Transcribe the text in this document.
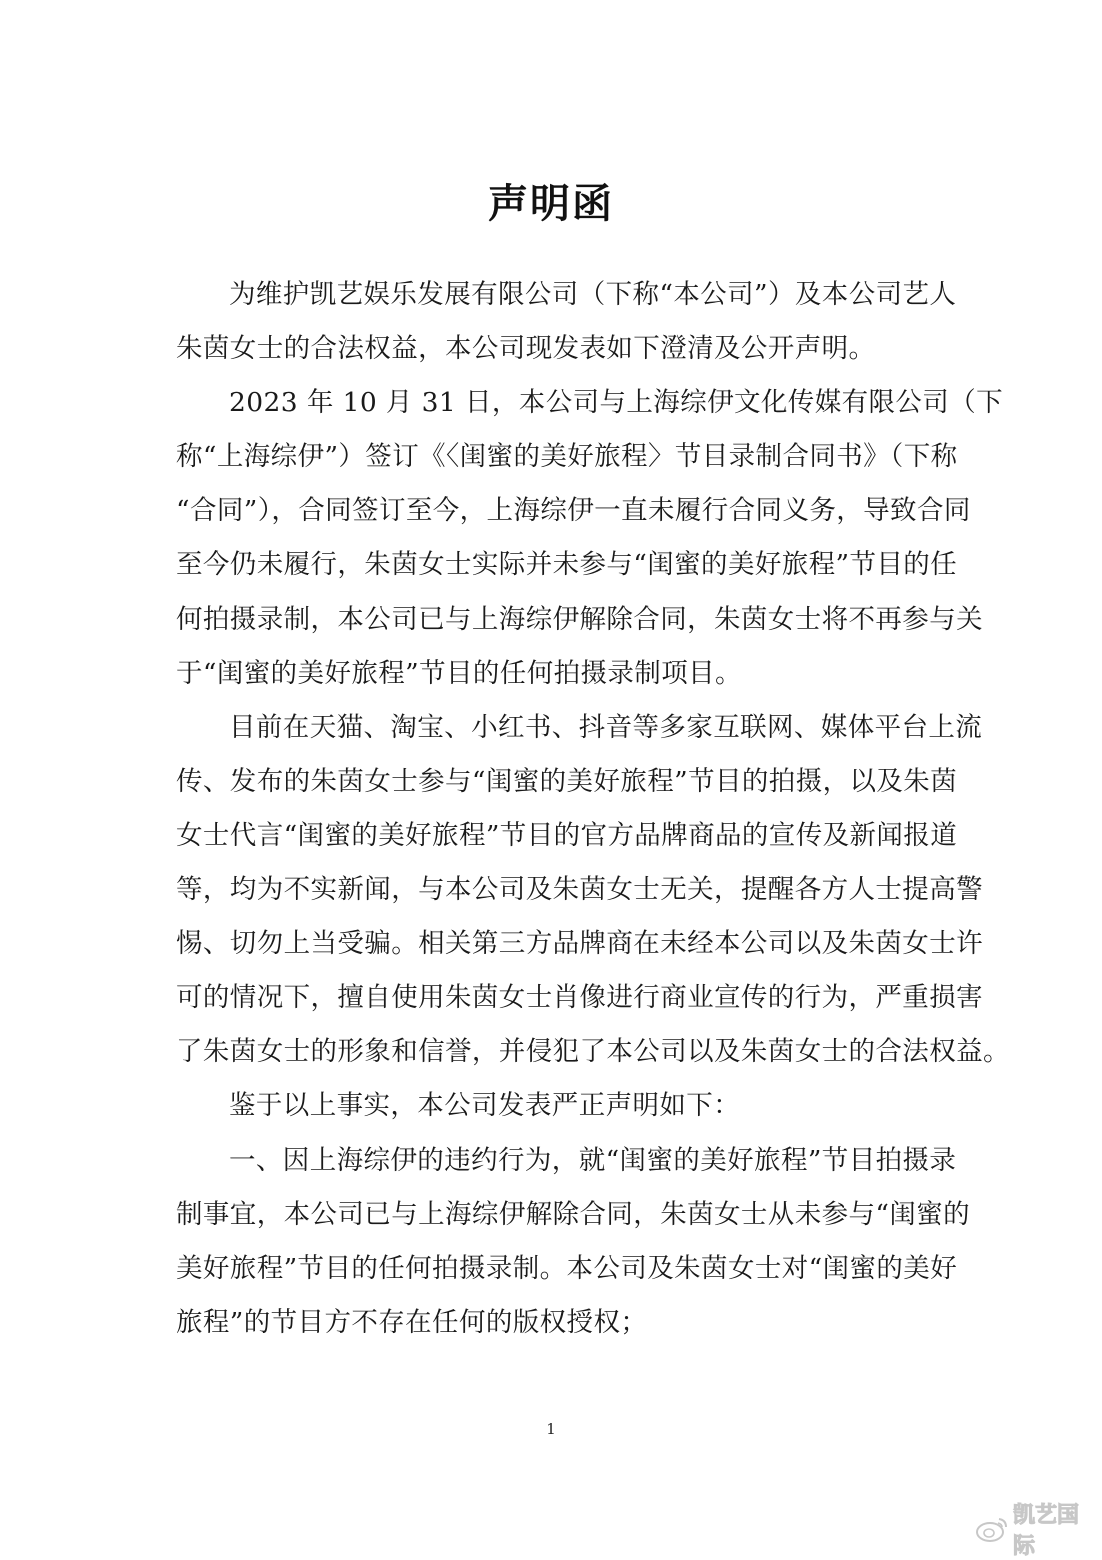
声明函

为维护凯艺娱乐发展有限公司（下称“本公司”）及本公司艺人
朱茵女士的合法权益，本公司现发表如下澄清及公开声明。

2023 年 10 月 31 日，本公司与上海综伊文化传媒有限公司（下
称“上海综伊”）签订《〈闺蜜的美好旅程〉节目录制合同书》（下称
“合同”），合同签订至今，上海综伊一直未履行合同义务，导致合同
至今仍未履行，朱茵女士实际并未参与“闺蜜的美好旅程”节目的任
何拍摄录制，本公司已与上海综伊解除合同，朱茵女士将不再参与关
于“闺蜜的美好旅程”节目的任何拍摄录制项目。

目前在天猫、淘宝、小红书、抖音等多家互联网、媒体平台上流
传、发布的朱茵女士参与“闺蜜的美好旅程”节目的拍摄，以及朱茵
女士代言“闺蜜的美好旅程”节目的官方品牌商品的宣传及新闻报道
等，均为不实新闻，与本公司及朱茵女士无关，提醒各方人士提高警
惕、切勿上当受骗。相关第三方品牌商在未经本公司以及朱茵女士许
可的情况下，擅自使用朱茵女士肖像进行商业宣传的行为，严重损害
了朱茵女士的形象和信誉，并侵犯了本公司以及朱茵女士的合法权益。

鉴于以上事实，本公司发表严正声明如下：

一、因上海综伊的违约行为，就“闺蜜的美好旅程”节目拍摄录
制事宜，本公司已与上海综伊解除合同，朱茵女士从未参与“闺蜜的
美好旅程”节目的任何拍摄录制。本公司及朱茵女士对“闺蜜的美好
旅程”的节目方不存在任何的版权授权；

1
凯艺国际
